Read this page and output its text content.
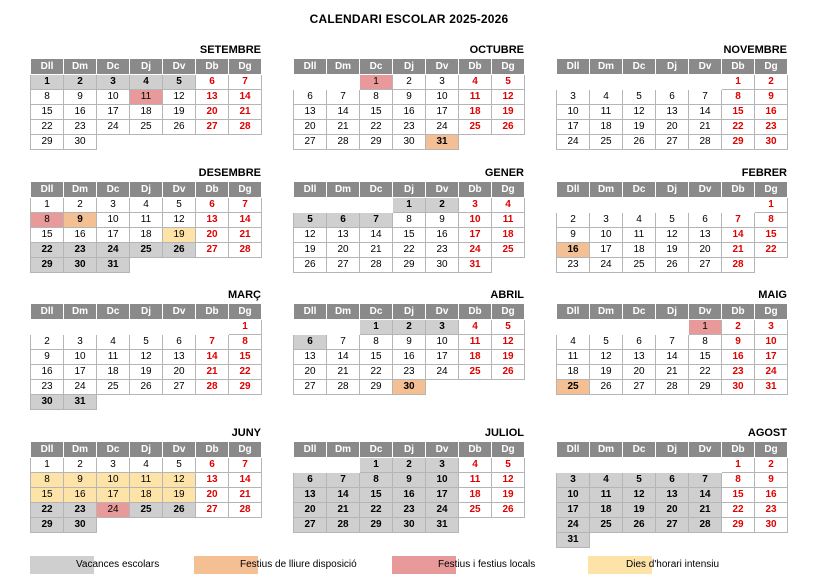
CALENDARI ESCOLAR 2025-2026
SETEMBRE
Dll	Dm	Dc	Dj	Dv	Db	Dg
1	2	3	4	5	6	7
8	9	10	11	12	13	14
15	16	17	18	19	20	21
22	23	24	25	26	27	28
29	30					
OCTUBRE
Dll	Dm	Dc	Dj	Dv	Db	Dg
		1	2	3	4	5
6	7	8	9	10	11	12
13	14	15	16	17	18	19
20	21	22	23	24	25	26
27	28	29	30	31		
NOVEMBRE
Dll	Dm	Dc	Dj	Dv	Db	Dg
					1	2
3	4	5	6	7	8	9
10	11	12	13	14	15	16
17	18	19	20	21	22	23
24	25	26	27	28	29	30
DESEMBRE
Dll	Dm	Dc	Dj	Dv	Db	Dg
1	2	3	4	5	6	7
8	9	10	11	12	13	14
15	16	17	18	19	20	21
22	23	24	25	26	27	28
29	30	31				
GENER
Dll	Dm	Dc	Dj	Dv	Db	Dg
			1	2	3	4
5	6	7	8	9	10	11
12	13	14	15	16	17	18
19	20	21	22	23	24	25
26	27	28	29	30	31	
FEBRER
Dll	Dm	Dc	Dj	Dv	Db	Dg
						1
2	3	4	5	6	7	8
9	10	11	12	13	14	15
16	17	18	19	20	21	22
23	24	25	26	27	28	
MARÇ
Dll	Dm	Dc	Dj	Dv	Db	Dg
						1
2	3	4	5	6	7	8
9	10	11	12	13	14	15
16	17	18	19	20	21	22
23	24	25	26	27	28	29
30	31					
ABRIL
Dll	Dm	Dc	Dj	Dv	Db	Dg
		1	2	3	4	5
6	7	8	9	10	11	12
13	14	15	16	17	18	19
20	21	22	23	24	25	26
27	28	29	30			
MAIG
Dll	Dm	Dc	Dj	Dv	Db	Dg
				1	2	3
4	5	6	7	8	9	10
11	12	13	14	15	16	17
18	19	20	21	22	23	24
25	26	27	28	29	30	31
JUNY
Dll	Dm	Dc	Dj	Dv	Db	Dg
1	2	3	4	5	6	7
8	9	10	11	12	13	14
15	16	17	18	19	20	21
22	23	24	25	26	27	28
29	30					
JULIOL
Dll	Dm	Dc	Dj	Dv	Db	Dg
		1	2	3	4	5
6	7	8	9	10	11	12
13	14	15	16	17	18	19
20	21	22	23	24	25	26
27	28	29	30	31		
AGOST
Dll	Dm	Dc	Dj	Dv	Db	Dg
					1	2
3	4	5	6	7	8	9
10	11	12	13	14	15	16
17	18	19	20	21	22	23
24	25	26	27	28	29	30
31						
Vacances escolars	Festius de lliure disposició	Festius i festius locals	Dies d'horari intensiu
